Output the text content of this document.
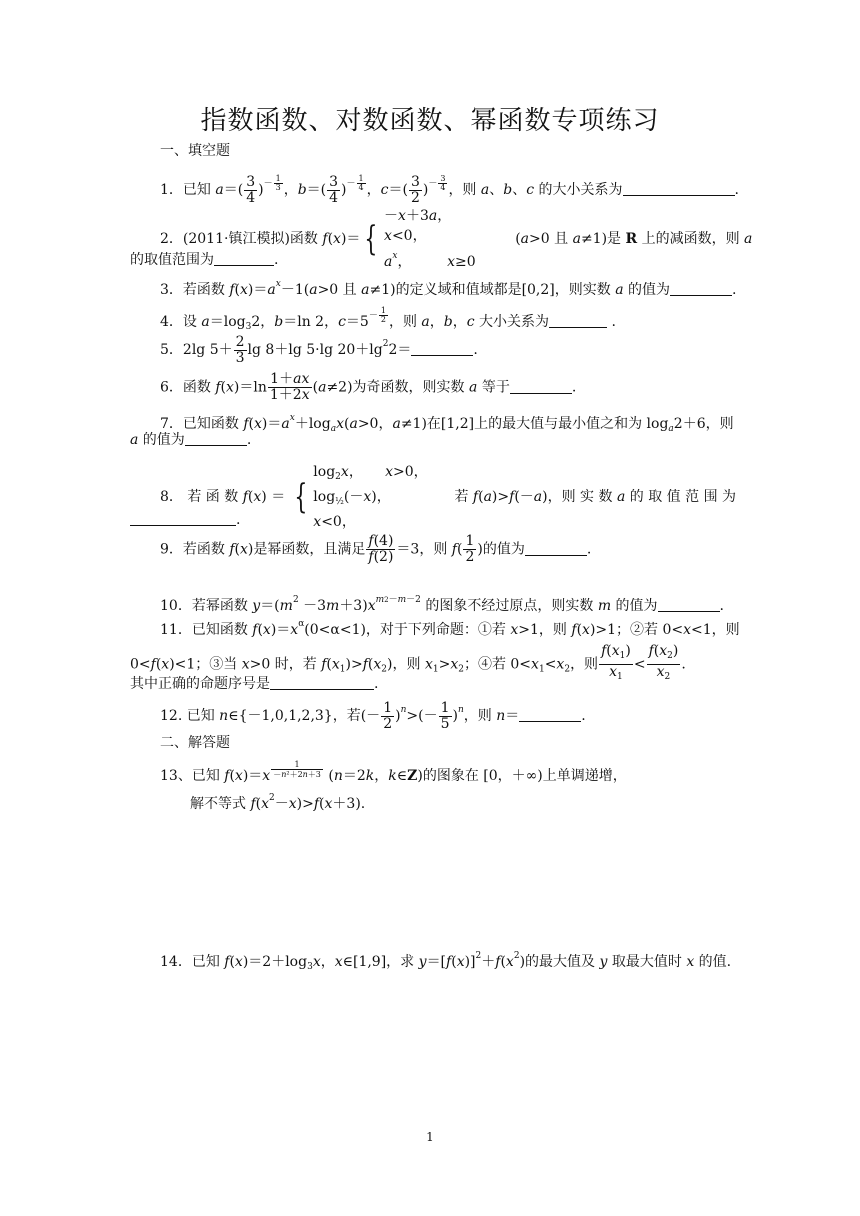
指数函数、对数函数、幂函数专项练习
一、填空题
1．已知 $a=( \frac{3}{4} )^{- \frac{1}{3}}$ ，$b=( \frac{3}{4} )^{- \frac{1}{4}}$ ，$c=( \frac{3}{2} )^{- \frac{3}{4}}$ ，则 a、b、c 的大小关系为	.
2．(2011·镇江模拟)函数 f(x)＝ {
－x＋3a，x<0，
$a^x$，        x≥0
(a>0 且 a≠1)是 R 上的减函数，则 a
的取值范围为	.
3．若函数 $f(x)=a^x-1(a>0$ 且 a≠1)的定义域和值域都是[0,2]，则实数 a 的值为	.
4．设 $a=\log_32$，b＝ln 2，$c=5^{- \frac{1}{2}}$ ，则 a，b，c 大小关系为	.
5．2lg $5+ \frac{2}{3}$ lg 8＋lg 5·lg $20+\lg^22=$	.
6．函数 $f(x)=\ln \frac{1+ax}{1+2x} (a\ne 2)$为奇函数，则实数 a 等于	.
7．已知函数 $f(x)=a^x+\log_ax(a>0$，a≠1)在[1,2]上的最大值与最小值之和为 $\log_a2+6$，则
a 的值为	.
8． 若 函 数 f(x) ＝ {
$\log_2x$，     x>0，
$\log_{\frac{1}{2}}(-x)$，x<0，
若 f(a)>f(－a)，则 实 数 a 的 取 值 范 围 为
.
9．若函数 f(x)是幂函数，且满足 $\frac{f(4)}{f(2)} =3$，则 $f( \frac{1}{2}$ )的值为	.
10．若幂函数 $y=(m^2 -3m+3)x^{m2-m-2}$ 的图象不经过原点，则实数 m 的值为	.
11．已知函数 $f(x)=x^\alpha(0<\alpha<1)$，对于下列命题：①若 x>1，则 f(x)>1；②若 0<x<1，则
0<f(x)<1；③当 x>0 时，若 $f(x_1)>f(x_2)$，则 $x_1>x_2$；④若 $0<x_1<x_2$，则 $\frac{f(x_1)}{x_1} < \frac{f(x_2)}{x_2}$ .
其中正确的命题序号是	.
12. 已知 n∈{－1,0,1,2,3}，若(－ $\frac{1}{2} )^n>(- \frac{1}{5} )^n$，则 n＝	.
二、解答题
13、已知 f(x)＝x $^{\frac{1}{\text{－n²＋2n＋3}}}$ (n＝2k，k∈Z)的图象在 [0，＋∞)上单调递增，
解不等式 $f(x^2-x)>f(x+3)$.
14．已知 $f(x)=2+\log_3x$，x∈[1,9]，求 $y=[f(x)]^2+f(x^2)$的最大值及 y 取最大值时 x 的值.
1
